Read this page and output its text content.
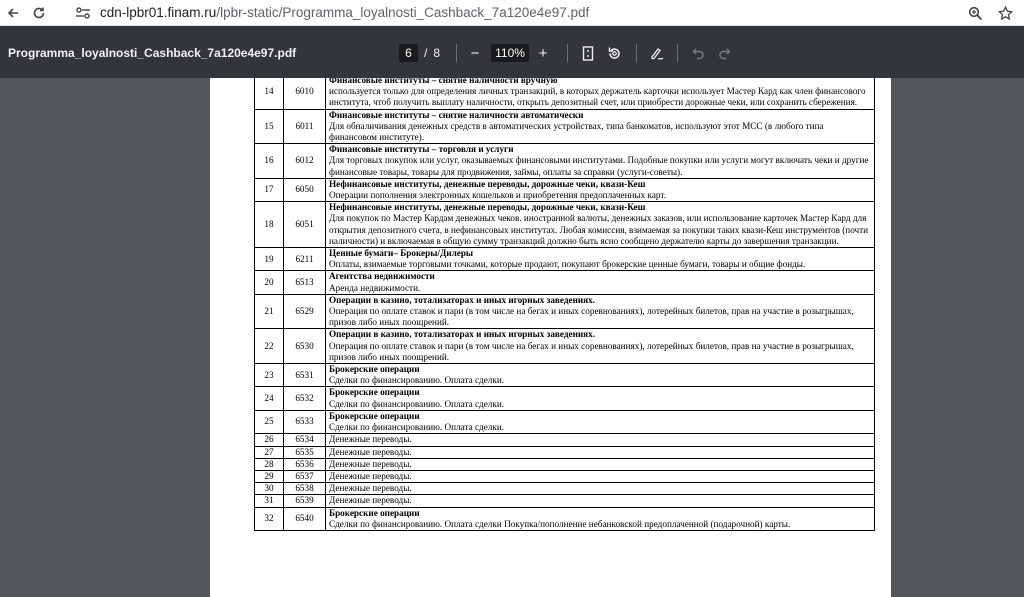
cdn-lpbr01.finam.ru/lpbr-static/Programma_loyalnosti_Cashback_7a120e4e97.pdf
Programma_loyalnosti_Cashback_7a120e4e97.pdf	6	/ 8	−	110% +
14	6010	Финансовые институты – снятие наличности вручную
используется только для определения личных транзакций, в которых держатель карточки использует Мастер Кард как член финансового института, чтоб получить выплату наличности, открыть депозитный счет, или приобрести дорожные чеки, или сохранить сбережения.

15	6011	Финансовые институты – снятие наличности автоматически
Для обналичивания денежных средств в автоматических устройствах, типа банкоматов, используют этот МСС (в любого типа финансовом институте).

16	6012	Финансовые институты – торговля и услуги
Для торговых покупок или услуг, оказываемых финансовыми институтами. Подобные покупки или услуги могут включать чеки и другие финансовые товары, товары для продвижения, займы, оплаты за справки (услуги-советы).

17	6050	Нефинансовые институты, денежные переводы, дорожные чеки, квази-Кеш
Операции пополнения электронных кошельков и приобретения предоплаченных карт.

18	6051	Нефинансовые институты, денежные переводы, дорожные чеки, квази-Кеш
Для покупок по Мастер Кардам денежных чеков. иностранной валюты, денежных заказов, или использование карточек Мастер Кард для открытия депозитного счета, в нефинансовых институтах. Любая комиссия, взимаемая за покупки таких квази-Кеш инструментов (почти наличности) и включаемая в общую сумму транзакций должно быть ясно сообщено держателю карты до завершения транзакции.

19	6211	Ценные бумаги– Брокеры/Дилеры
Оплаты, взимаемые торговыми точками, которые продают, покупают брокерские ценные бумаги, товары и общие фонды.

20	6513	Агентства недвижимости
Аренда недвижимости.

21	6529	Операции в казино, тотализаторах и иных игорных заведениях.
Операция по оплате ставок и пари (в том числе на бегах и иных соревнованиях), лотерейных билетов, прав на участие в розыгрышах, призов либо иных поощрений.

22	6530	Операции в казино, тотализаторах и иных игорных заведениях.
Операция по оплате ставок и пари (в том числе на бегах и иных соревнованиях), лотерейных билетов, прав на участие в розыгрышах, призов либо иных поощрений.

23	6531	Брокерские операции
Сделки по финансированию. Оплата сделки.

24	6532	Брокерские операции
Сделки по финансированию. Оплата сделки.

25	6533	Брокерские операции
Сделки по финансированию. Оплата сделки.

26	6534	Денежные переводы.

27	6535	Денежные переводы.

28	6536	Денежные переводы.

29	6537	Денежные переводы.

30	6538	Денежные переводы.

31	6539	Денежные переводы.

32	6540	Брокерские операции
Сделки по финансированию. Оплата сделки Покупка/пополнение небанковской предоплаченной (подарочной) карты.
